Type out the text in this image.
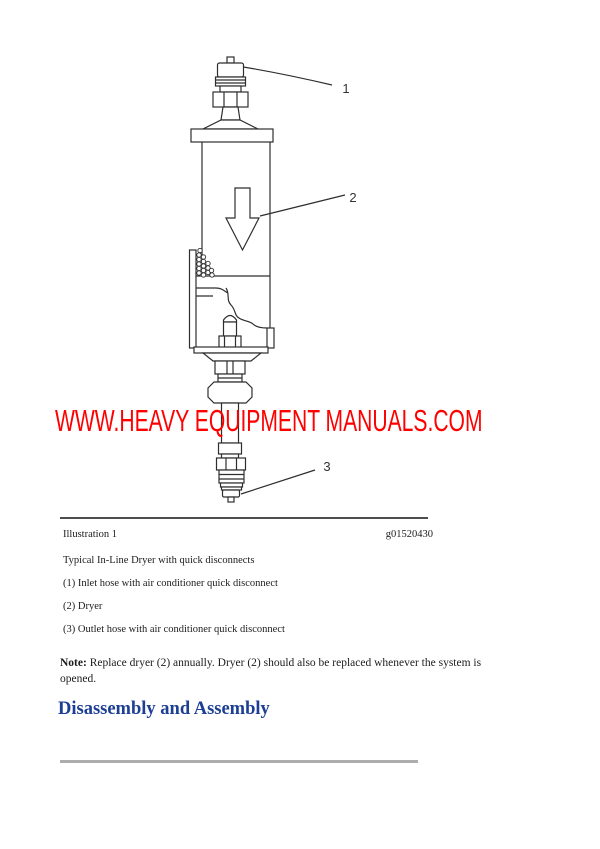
1
2
3
WWW.HEAVY EQUIPMENT MANUALS.COM
Illustration 1	g01520430
Typical In-Line Dryer with quick disconnects
(1) Inlet hose with air conditioner quick disconnect
(2) Dryer
(3) Outlet hose with air conditioner quick disconnect
Note: Replace dryer (2) annually. Dryer (2) should also be replaced whenever the system is opened.
Disassembly and Assembly
